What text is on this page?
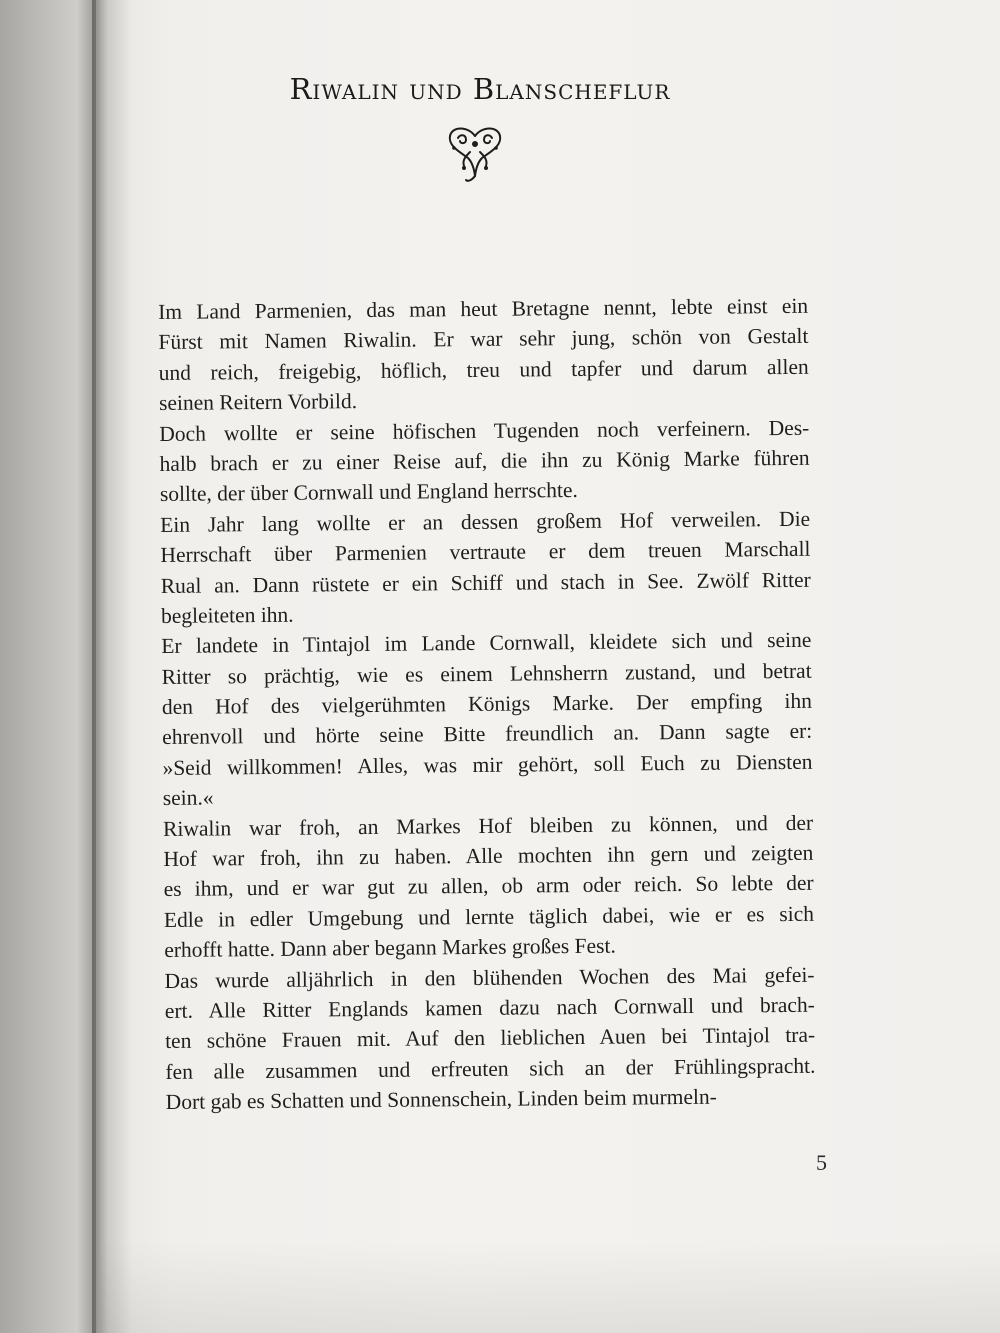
Riwalin und Blanscheflur
Im Land Parmenien, das man heut Bretagne nennt, lebte einst ein
Fürst mit Namen Riwalin. Er war sehr jung, schön von Gestalt
und reich, freigebig, höflich, treu und tapfer und darum allen
seinen Reitern Vorbild.
Doch wollte er seine höfischen Tugenden noch verfeinern. Des-
halb brach er zu einer Reise auf, die ihn zu König Marke führen
sollte, der über Cornwall und England herrschte.
Ein Jahr lang wollte er an dessen großem Hof verweilen. Die
Herrschaft über Parmenien vertraute er dem treuen Marschall
Rual an. Dann rüstete er ein Schiff und stach in See. Zwölf Ritter
begleiteten ihn.
Er landete in Tintajol im Lande Cornwall, kleidete sich und seine
Ritter so prächtig, wie es einem Lehnsherrn zustand, und betrat
den Hof des vielgerühmten Königs Marke. Der empfing ihn
ehrenvoll und hörte seine Bitte freundlich an. Dann sagte er:
»Seid willkommen! Alles, was mir gehört, soll Euch zu Diensten
sein.«
Riwalin war froh, an Markes Hof bleiben zu können, und der
Hof war froh, ihn zu haben. Alle mochten ihn gern und zeigten
es ihm, und er war gut zu allen, ob arm oder reich. So lebte der
Edle in edler Umgebung und lernte täglich dabei, wie er es sich
erhofft hatte. Dann aber begann Markes großes Fest.
Das wurde alljährlich in den blühenden Wochen des Mai gefei-
ert. Alle Ritter Englands kamen dazu nach Cornwall und brach-
ten schöne Frauen mit. Auf den lieblichen Auen bei Tintajol tra-
fen alle zusammen und erfreuten sich an der Frühlingspracht.
Dort gab es Schatten und Sonnenschein, Linden beim murmeln-
5
